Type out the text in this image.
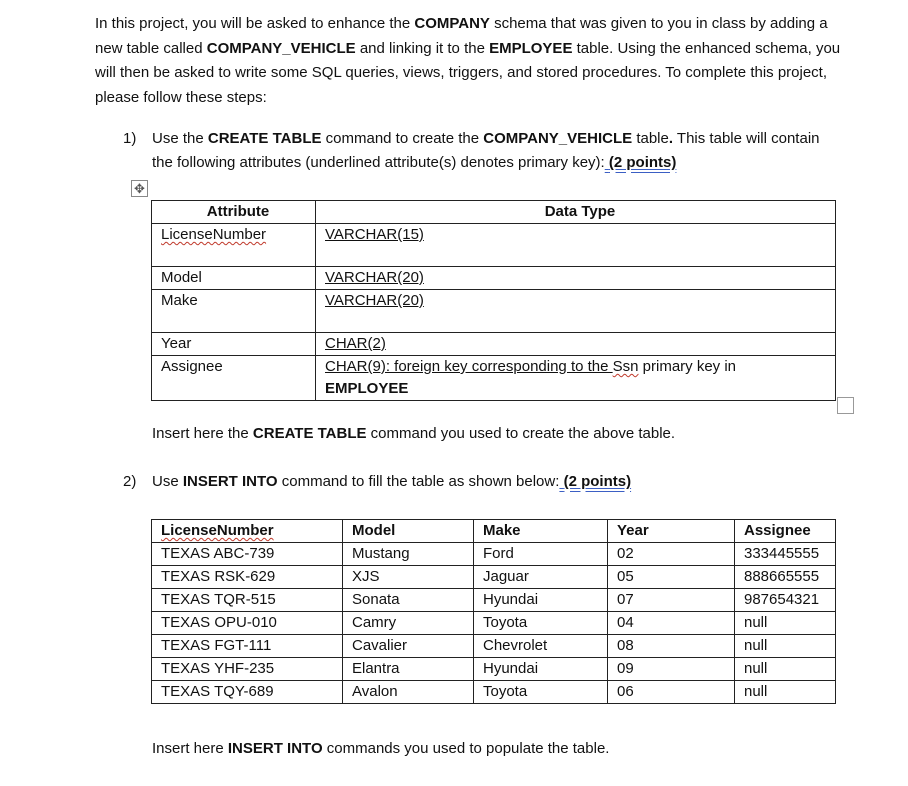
In this project, you will be asked to enhance the COMPANY schema that was given to you in class by adding a new table called COMPANY_VEHICLE and linking it to the EMPLOYEE table. Using the enhanced schema, you will then be asked to write some SQL queries, views, triggers, and stored procedures. To complete this project, please follow these steps:
1) Use the CREATE TABLE command to create the COMPANY_VEHICLE table. This table will contain the following attributes (underlined attribute(s) denotes primary key): (2 points)
✥
Attribute	Data Type
LicenseNumber	VARCHAR(15)
Model	VARCHAR(20)
Make	VARCHAR(20)
Year	CHAR(2)
Assignee	CHAR(9): foreign key corresponding to the Ssn primary key in
EMPLOYEE
Insert here the CREATE TABLE command you used to create the above table.
2) Use INSERT INTO command to fill the table as shown below: (2 points)
LicenseNumber	Model	Make	Year	Assignee
TEXAS ABC-739	Mustang	Ford	02	333445555
TEXAS RSK-629	XJS	Jaguar	05	888665555
TEXAS TQR-515	Sonata	Hyundai	07	987654321
TEXAS OPU-010	Camry	Toyota	04	null
TEXAS FGT-111	Cavalier	Chevrolet	08	null
TEXAS YHF-235	Elantra	Hyundai	09	null
TEXAS TQY-689	Avalon	Toyota	06	null
Insert here INSERT INTO commands you used to populate the table.
